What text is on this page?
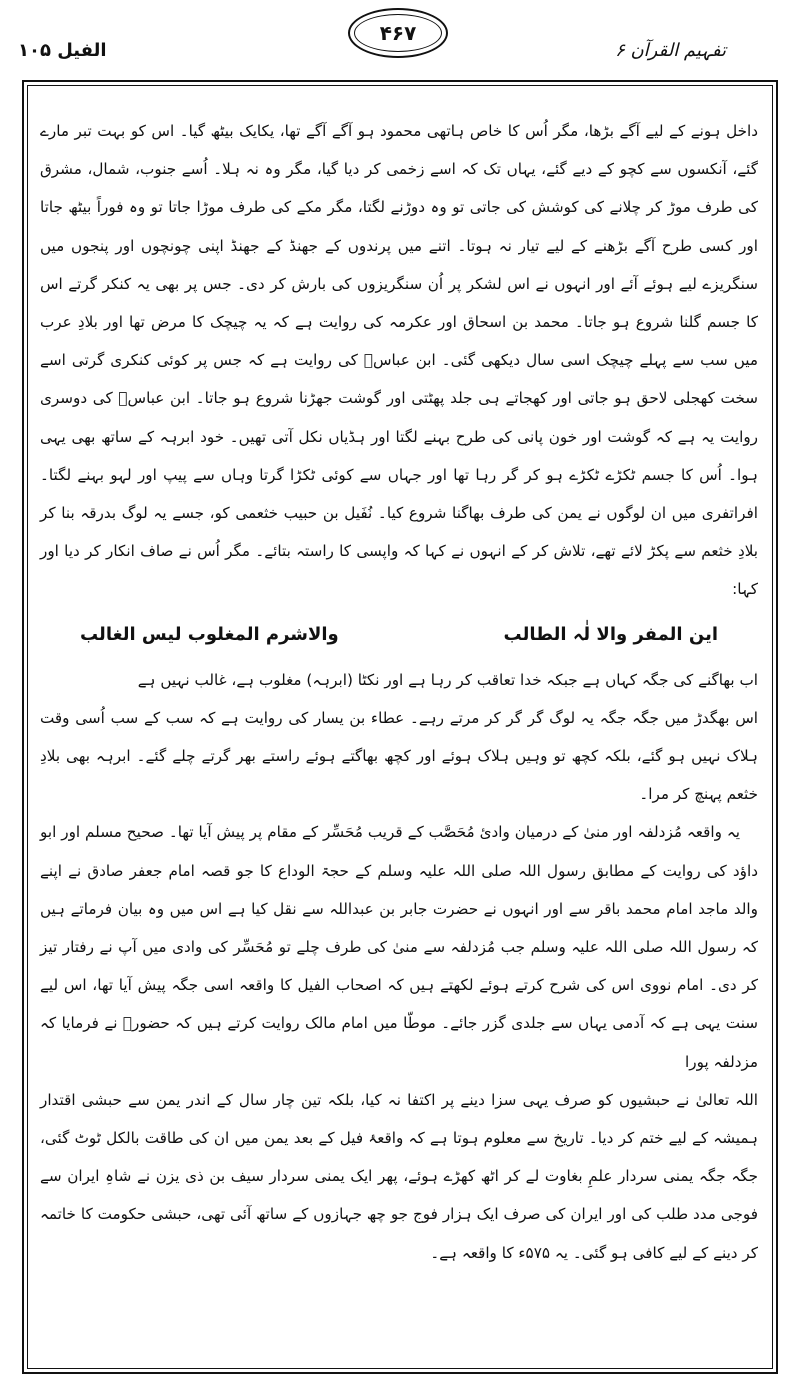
الفیل ۱۰۵
۴۶۷
تفہیم القرآن ۶

داخل ہونے کے لیے آگے بڑھا، مگر اُس کا خاص ہاتھی محمود ہو آگے آگے تھا، یکایک بیٹھ گیا۔ اس کو بہت تبر مارے گئے، آنکسوں سے کچو کے دیے گئے، یہاں تک کہ اسے زخمی کر دیا گیا، مگر وہ نہ ہلا۔ اُسے جنوب، شمال، مشرق کی طرف موڑ کر چلانے کی کوشش کی جاتی تو وہ دوڑنے لگتا، مگر مکے کی طرف موڑا جاتا تو وہ فوراً بیٹھ جاتا اور کسی طرح آگے بڑھنے کے لیے تیار نہ ہوتا۔ اتنے میں پرندوں کے جھنڈ کے جھنڈ اپنی چونچوں اور پنجوں میں سنگریزے لیے ہوئے آئے اور انہوں نے اس لشکر پر اُن سنگریزوں کی بارش کر دی۔ جس پر بھی یہ کنکر گرتے اس کا جسم گلنا شروع ہو جاتا۔ محمد بن اسحاق اور عکرمہ کی روایت ہے کہ یہ چیچک کا مرض تھا اور بلادِ عرب میں سب سے پہلے چیچک اسی سال دیکھی گئی۔ ابن عباسؓ کی روایت ہے کہ جس پر کوئی کنکری گرتی اسے سخت کھجلی لاحق ہو جاتی اور کھجاتے ہی جلد پھٹتی اور گوشت جھڑنا شروع ہو جاتا۔ ابن عباسؓ کی دوسری روایت یہ ہے کہ گوشت اور خون پانی کی طرح بہنے لگتا اور ہڈیاں نکل آتی تھیں۔ خود ابرہہ کے ساتھ بھی یہی ہوا۔ اُس کا جسم ٹکڑے ٹکڑے ہو کر گر رہا تھا اور جہاں سے کوئی ٹکڑا گرتا وہاں سے پیپ اور لہو بہنے لگتا۔ افراتفری میں ان لوگوں نے یمن کی طرف بھاگنا شروع کیا۔ نُفَیل بن حبیب خثعمی کو، جسے یہ لوگ بدرقہ بنا کر بلادِ خثعم سے پکڑ لائے تھے، تلاش کر کے انہوں نے کہا کہ واپسی کا راستہ بتائے۔ مگر اُس نے صاف انکار کر دیا اور کہا:

این المفر والا لٰہ الطالب
والاشرم المغلوب لیس الغالب

اب بھاگنے کی جگہ کہاں ہے جبکہ خدا تعاقب کر رہا ہے اور نکٹا (ابرہہ) مغلوب ہے، غالب نہیں ہے

اس بھگدڑ میں جگہ جگہ یہ لوگ گر گر کر مرتے رہے۔ عطاء بن یسار کی روایت ہے کہ سب کے سب اُسی وقت ہلاک نہیں ہو گئے، بلکہ کچھ تو وہیں ہلاک ہوئے اور کچھ بھاگتے ہوئے راستے بھر گرتے چلے گئے۔ ابرہہ بھی بلادِ خثعم پہنچ کر مرا۔

یہ واقعہ مُزدلفہ اور منیٰ کے درمیان وادیٔ مُحَصَّب کے قریب مُحَسِّر کے مقام پر پیش آیا تھا۔ صحیح مسلم اور ابو داؤد کی روایت کے مطابق رسول اللہ صلی اللہ علیہ وسلم کے حجۃ الوداع کا جو قصہ امام جعفر صادق نے اپنے والد ماجد امام محمد باقر سے اور انہوں نے حضرت جابر بن عبداللہ سے نقل کیا ہے اس میں وہ بیان فرماتے ہیں کہ رسول اللہ صلی اللہ علیہ وسلم جب مُزدلفہ سے منیٰ کی طرف چلے تو مُحَسِّر کی وادی میں آپ نے رفتار تیز کر دی۔ امام نووی اس کی شرح کرتے ہوئے لکھتے ہیں کہ اصحاب الفیل کا واقعہ اسی جگہ پیش آیا تھا، اس لیے سنت یہی ہے کہ آدمی یہاں سے جلدی گزر جائے۔ موطّا میں امام مالک روایت کرتے ہیں کہ حضورؐ نے فرمایا کہ مزدلفہ پورا

اللہ تعالیٰ نے حبشیوں کو صرف یہی سزا دینے پر اکتفا نہ کیا، بلکہ تین چار سال کے اندر یمن سے حبشی اقتدار ہمیشہ کے لیے ختم کر دیا۔ تاریخ سے معلوم ہوتا ہے کہ واقعۂ فیل کے بعد یمن میں ان کی طاقت بالکل ٹوٹ گئی، جگہ جگہ یمنی سردار علمِ بغاوت لے کر اٹھ کھڑے ہوئے، پھر ایک یمنی سردار سیف بن ذی یزن نے شاہِ ایران سے فوجی مدد طلب کی اور ایران کی صرف ایک ہزار فوج جو چھ جہازوں کے ساتھ آئی تھی، حبشی حکومت کا خاتمہ کر دینے کے لیے کافی ہو گئی۔ یہ ۵۷۵ء کا واقعہ ہے۔
